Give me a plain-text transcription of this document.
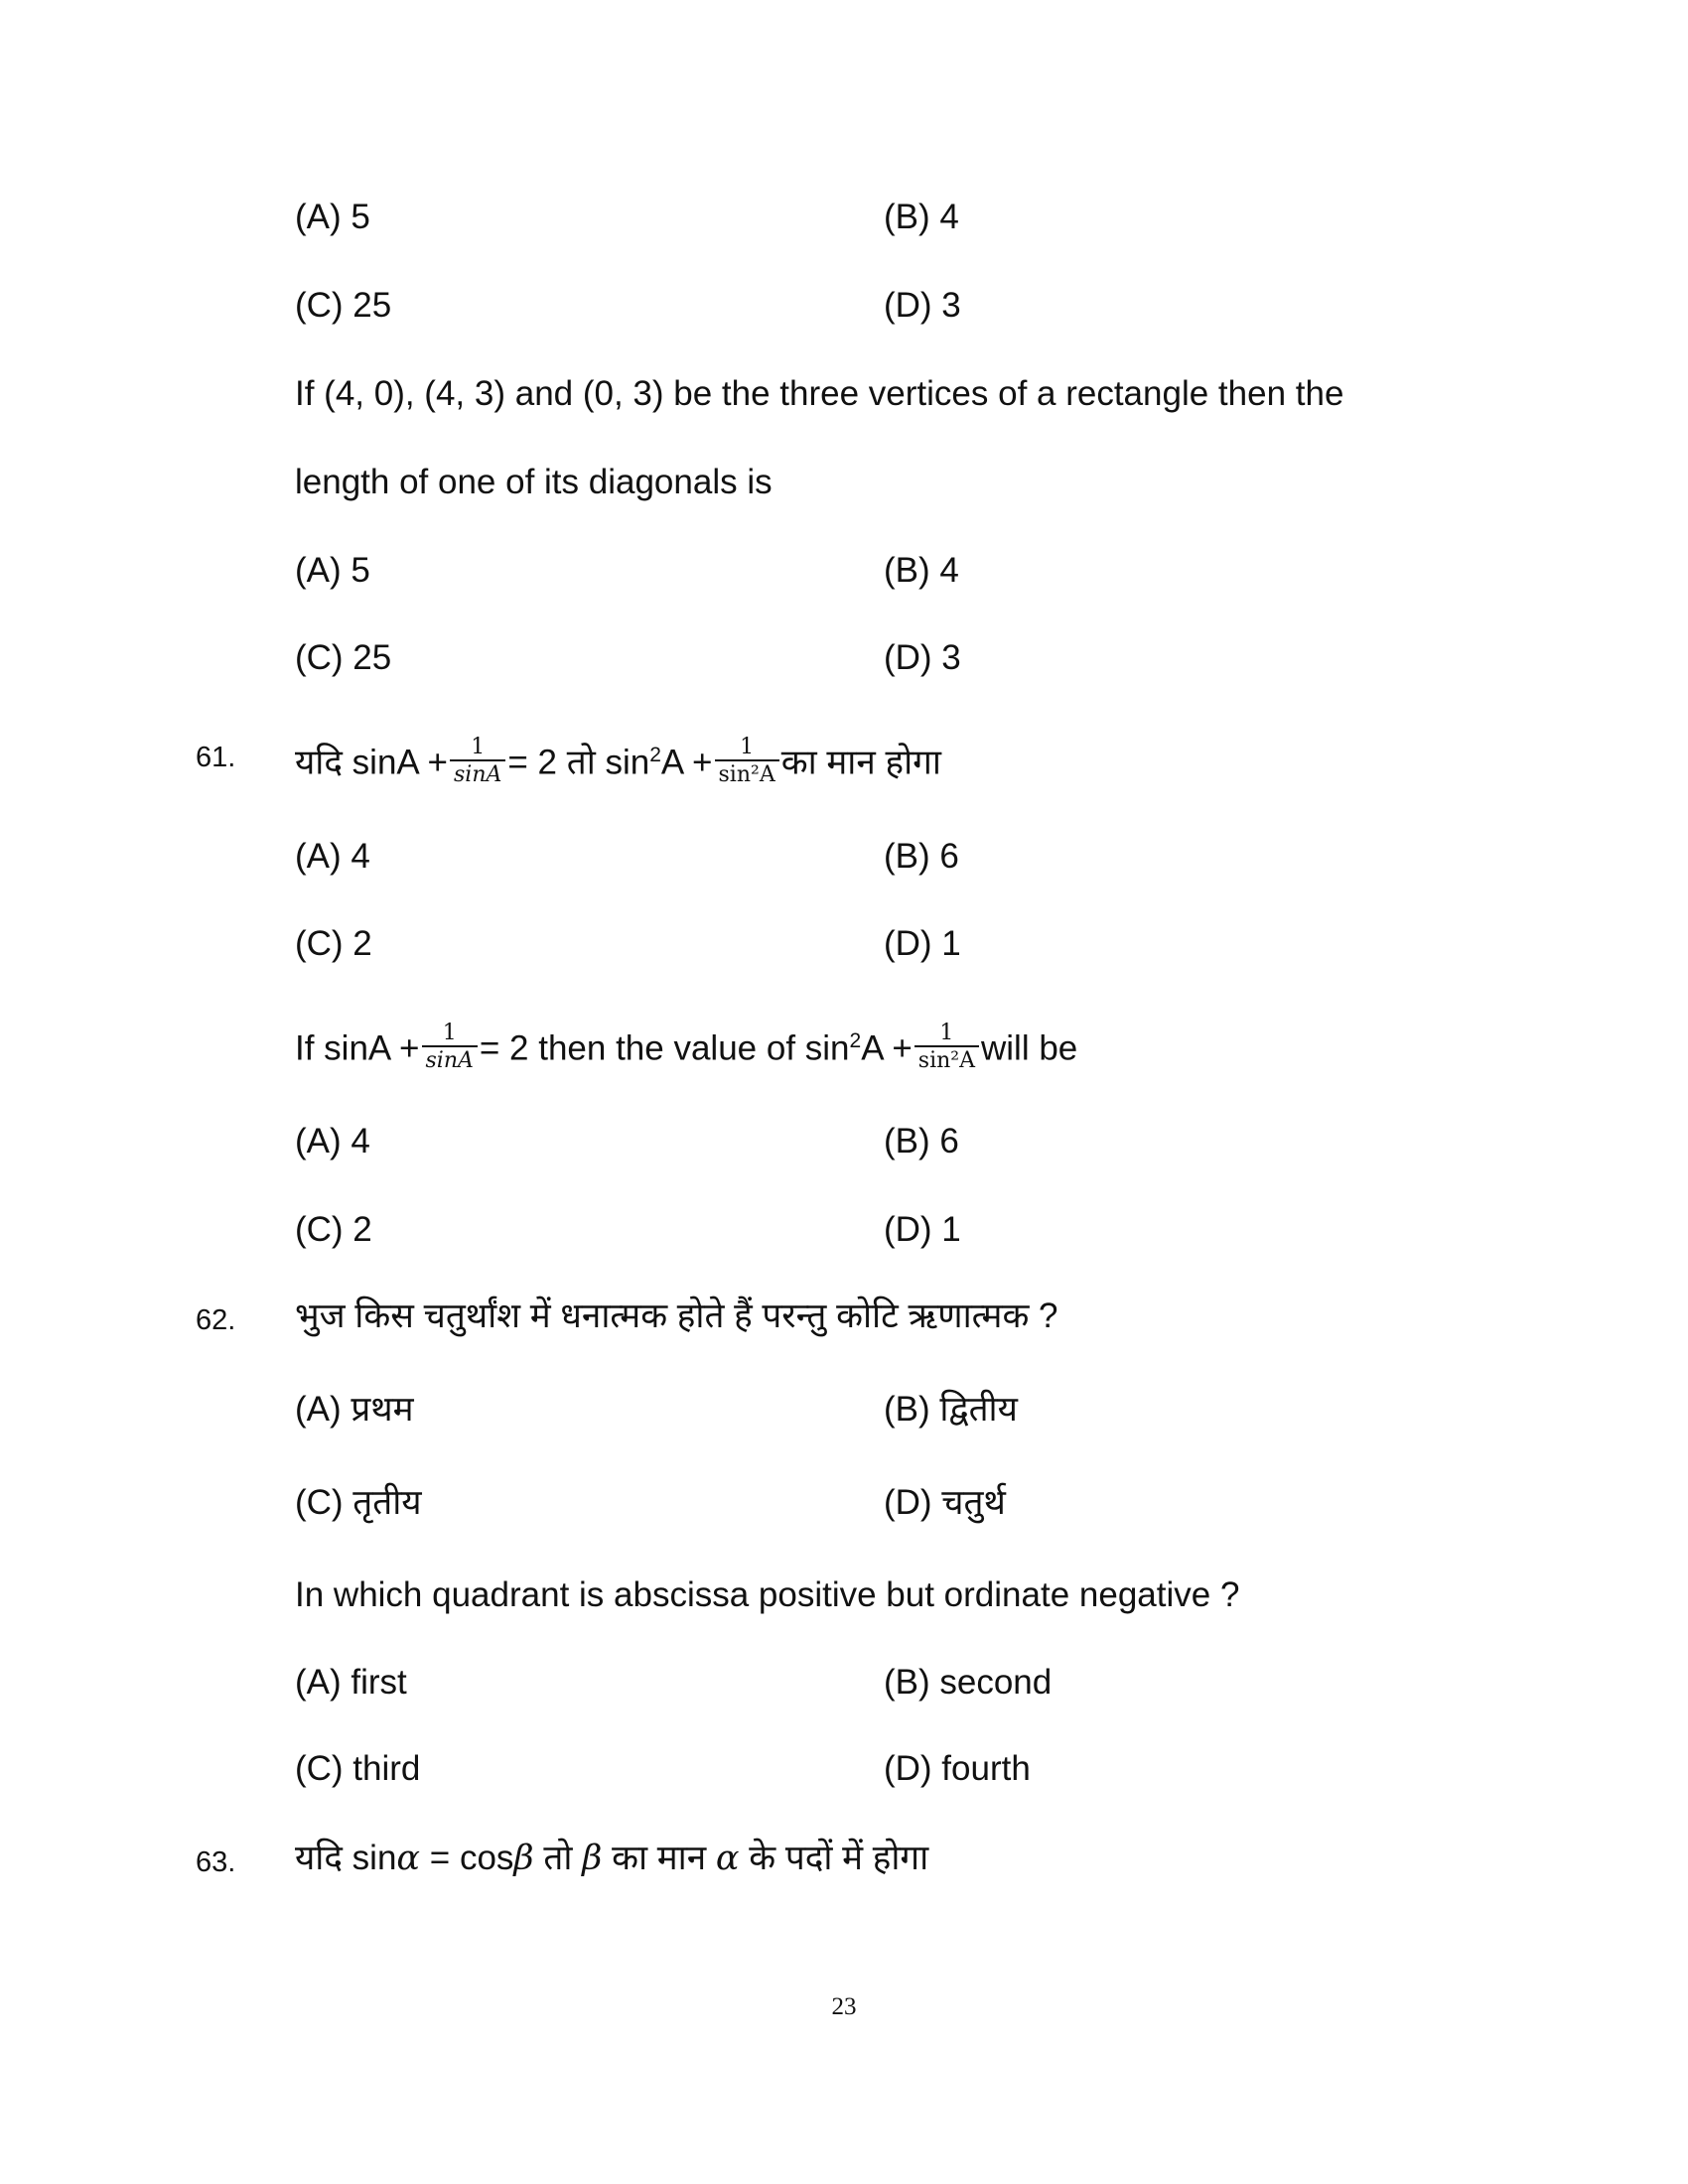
(A) 5	(B) 4
(C) 25	(D) 3
If (4, 0), (4, 3) and (0, 3) be the three vertices of a rectangle then the
length of one of its diagonals is
(A) 5	(B) 4
(C) 25	(D) 3
61. यदि $\sin A + \frac{1}{\sin A} = 2$ तो $\sin^2A + \frac{1}{\text{sin²A}}$ का मान होगा
(A) 4	(B) 6
(C) 2	(D) 1
If $\sin A + \frac{1}{\sin A} = 2$ then the value of $\sin^2A + \frac{1}{\text{sin²A}}$ will be
(A) 4	(B) 6
(C) 2	(D) 1
62. भुज किस चतुर्थांश में धनात्मक होते हैं परन्तु कोटि ऋणात्मक ?
(A) प्रथम	(B) द्वितीय
(C) तृतीय	(D) चतुर्थ
In which quadrant is abscissa positive but ordinate negative ?
(A) first	(B) second
(C) third	(D) fourth
63. यदि sinα = cosβ तो β का मान α के पदों में होगा
23
